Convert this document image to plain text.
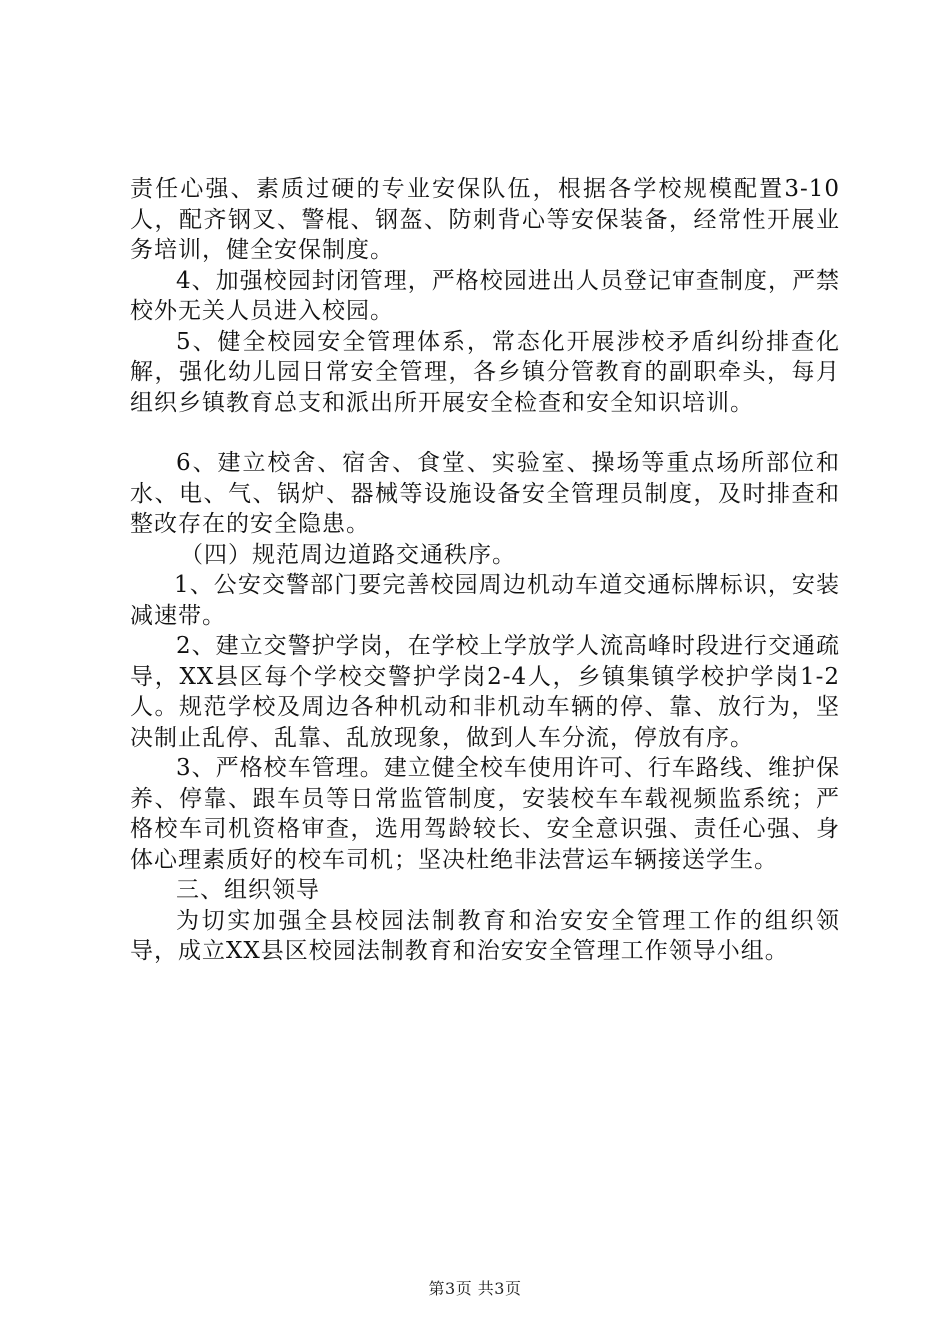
责任心强、素质过硬的专业安保队伍，根据各学校规模配置3-10人，配齐钢叉、警棍、钢盔、防刺背心等安保装备，经常性开展业务培训，健全安保制度。

4、加强校园封闭管理，严格校园进出人员登记审查制度，严禁校外无关人员进入校园。

5、健全校园安全管理体系，常态化开展涉校矛盾纠纷排查化解，强化幼儿园日常安全管理，各乡镇分管教育的副职牵头，每月组织乡镇教育总支和派出所开展安全检查和安全知识培训。

6、建立校舍、宿舍、食堂、实验室、操场等重点场所部位和水、电、气、锅炉、器械等设施设备安全管理员制度，及时排查和整改存在的安全隐患。

（四）规范周边道路交通秩序。

1、公安交警部门要完善校园周边机动车道交通标牌标识，安装减速带。

2、建立交警护学岗，在学校上学放学人流高峰时段进行交通疏导，XX县区每个学校交警护学岗2-4人，乡镇集镇学校护学岗1-2人。规范学校及周边各种机动和非机动车辆的停、靠、放行为，坚决制止乱停、乱靠、乱放现象，做到人车分流，停放有序。

3、严格校车管理。建立健全校车使用许可、行车路线、维护保养、停靠、跟车员等日常监管制度，安装校车车载视频监系统；严格校车司机资格审查，选用驾龄较长、安全意识强、责任心强、身体心理素质好的校车司机；坚决杜绝非法营运车辆接送学生。

三、组织领导

为切实加强全县校园法制教育和治安安全管理工作的组织领导，成立XX县区校园法制教育和治安安全管理工作领导小组。

第3页 共3页
